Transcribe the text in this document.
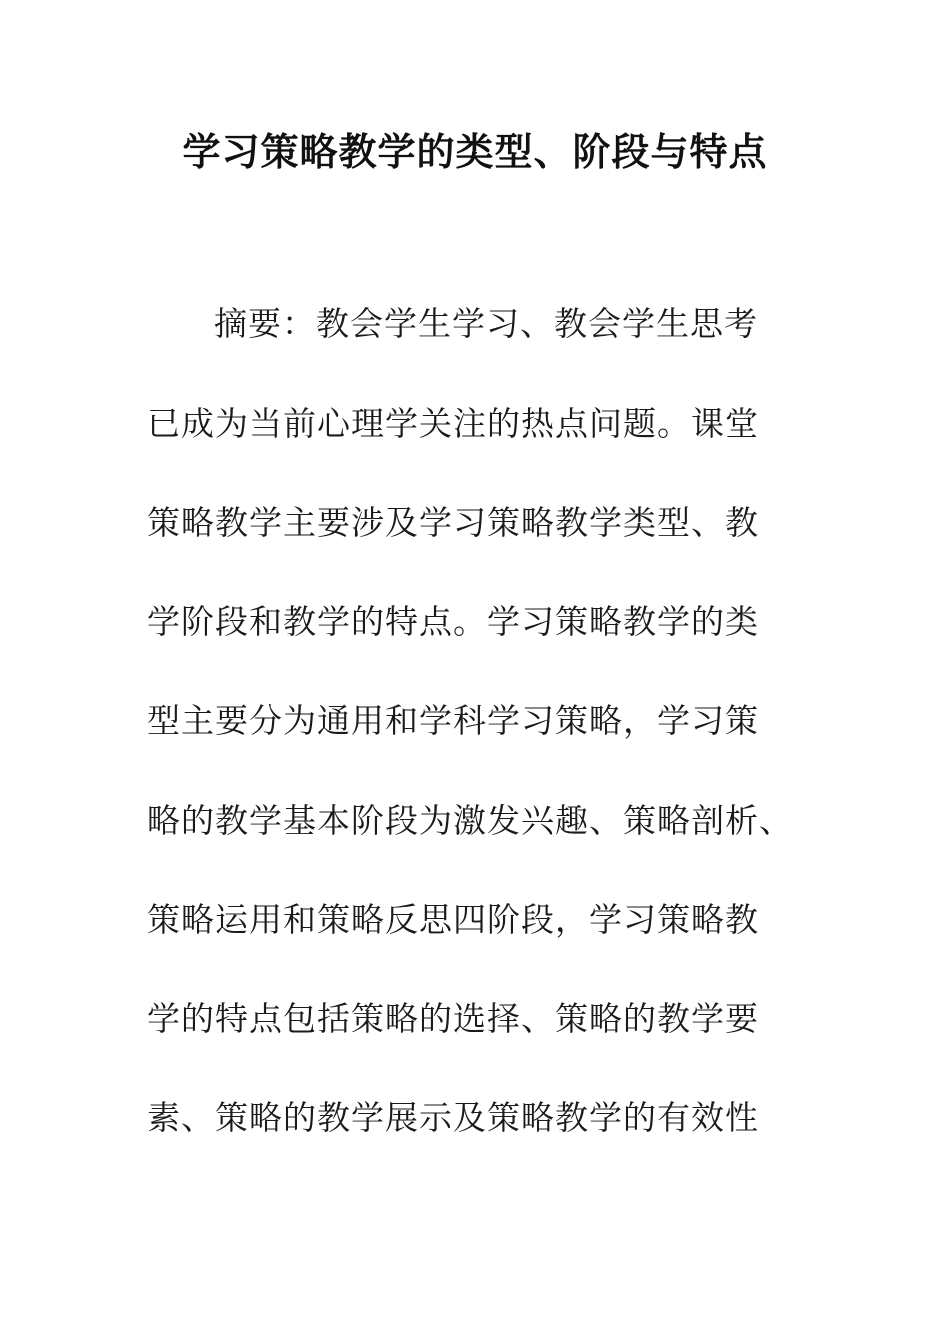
学习策略教学的类型、阶段与特点
摘要：教会学生学习、教会学生思考
已成为当前心理学关注的热点问题。课堂
策略教学主要涉及学习策略教学类型、教
学阶段和教学的特点。学习策略教学的类
型主要分为通用和学科学习策略，学习策
略的教学基本阶段为激发兴趣、策略剖析、
策略运用和策略反思四阶段，学习策略教
学的特点包括策略的选择、策略的教学要
素、策略的教学展示及策略教学的有效性
